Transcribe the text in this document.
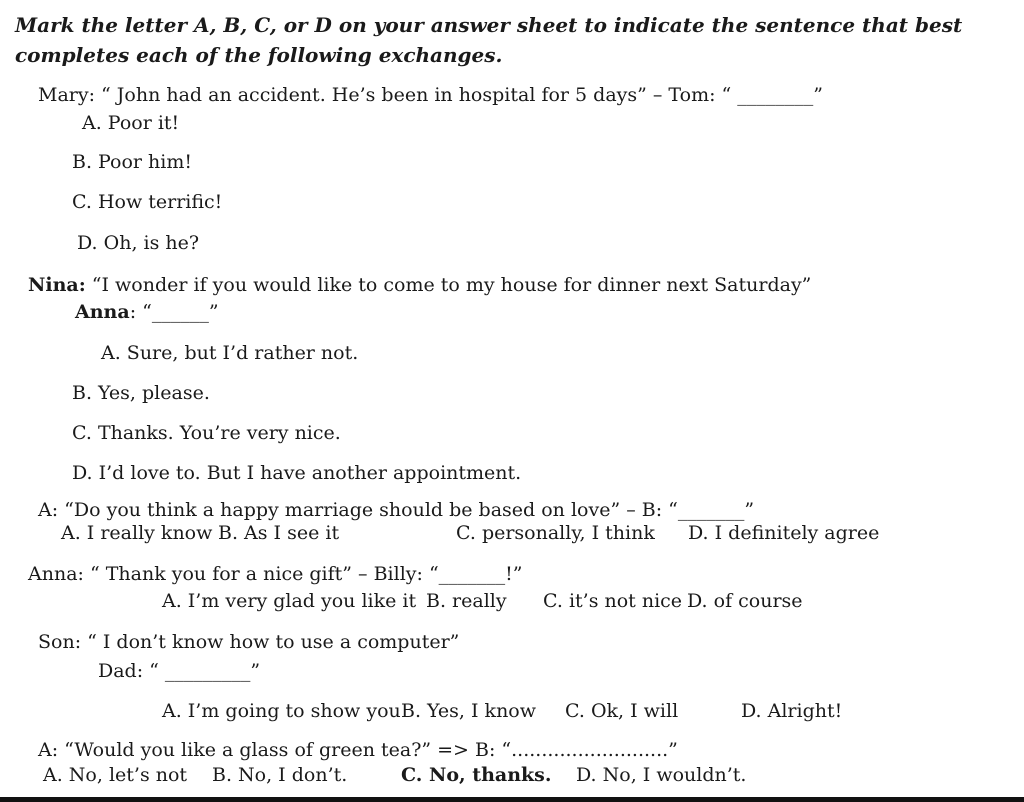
Mark the letter A, B, C, or D on your answer sheet to indicate the sentence that best completes each of the following exchanges.
Mary: “ John had an accident. He’s been in hospital for 5 days” – Tom: “ ________”
A. Poor it!
B. Poor him!
C. How terrific!
D. Oh, is he?
Nina: “I wonder if you would like to come to my house for dinner next Saturday”
Anna: “______”
A. Sure, but I’d rather not.
B. Yes, please.
C. Thanks. You’re very nice.
D. I’d love to. But I have another appointment.
A: “Do you think a happy marriage should be based on love” – B: “_______”
A. I really know B. As I see it	C. personally, I think D. I definitely agree
Anna: “ Thank you for a nice gift” – Billy: “_______!”
A. I’m very glad you like it B. really C. it’s not nice D. of course
Son: “ I don’t know how to use a computer”
Dad: “ _________”
A. I’m going to show you B. Yes, I know C. Ok, I will	D. Alright!
A: “Would you like a glass of green tea?” => B: “..........................”
A. No, let’s not B. No, I don’t.	C. No, thanks. D. No, I wouldn’t.
